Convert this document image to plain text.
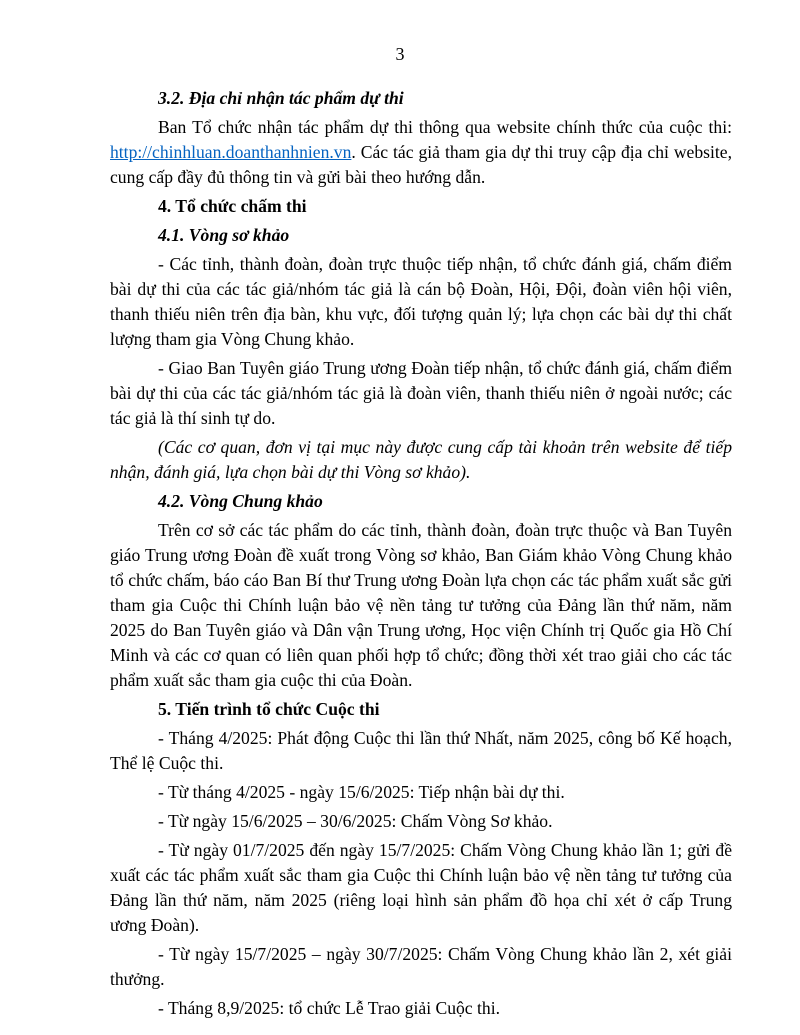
3

3.2. Địa chỉ nhận tác phẩm dự thi

Ban Tổ chức nhận tác phẩm dự thi thông qua website chính thức của cuộc thi: http://chinhluan.doanthanhnien.vn. Các tác giả tham gia dự thi truy cập địa chỉ website, cung cấp đầy đủ thông tin và gửi bài theo hướng dẫn.

4. Tổ chức chấm thi

4.1. Vòng sơ khảo

- Các tỉnh, thành đoàn, đoàn trực thuộc tiếp nhận, tổ chức đánh giá, chấm điểm bài dự thi của các tác giả/nhóm tác giả là cán bộ Đoàn, Hội, Đội, đoàn viên hội viên, thanh thiếu niên trên địa bàn, khu vực, đối tượng quản lý; lựa chọn các bài dự thi chất lượng tham gia Vòng Chung khảo.

- Giao Ban Tuyên giáo Trung ương Đoàn tiếp nhận, tổ chức đánh giá, chấm điểm bài dự thi của các tác giả/nhóm tác giả là đoàn viên, thanh thiếu niên ở ngoài nước; các tác giả là thí sinh tự do.

(Các cơ quan, đơn vị tại mục này được cung cấp tài khoản trên website để tiếp nhận, đánh giá, lựa chọn bài dự thi Vòng sơ khảo).

4.2. Vòng Chung khảo

Trên cơ sở các tác phẩm do các tỉnh, thành đoàn, đoàn trực thuộc và Ban Tuyên giáo Trung ương Đoàn đề xuất trong Vòng sơ khảo, Ban Giám khảo Vòng Chung khảo tổ chức chấm, báo cáo Ban Bí thư Trung ương Đoàn lựa chọn các tác phẩm xuất sắc gửi tham gia Cuộc thi Chính luận bảo vệ nền tảng tư tưởng của Đảng lần thứ năm, năm 2025 do Ban Tuyên giáo và Dân vận Trung ương, Học viện Chính trị Quốc gia Hồ Chí Minh và các cơ quan có liên quan phối hợp tổ chức; đồng thời xét trao giải cho các tác phẩm xuất sắc tham gia cuộc thi của Đoàn.

5. Tiến trình tổ chức Cuộc thi

- Tháng 4/2025: Phát động Cuộc thi lần thứ Nhất, năm 2025, công bố Kế hoạch, Thể lệ Cuộc thi.

- Từ tháng 4/2025 - ngày 15/6/2025: Tiếp nhận bài dự thi.

- Từ ngày 15/6/2025 – 30/6/2025: Chấm Vòng Sơ khảo.

- Từ ngày 01/7/2025 đến ngày 15/7/2025: Chấm Vòng Chung khảo lần 1; gửi đề xuất các tác phẩm xuất sắc tham gia Cuộc thi Chính luận bảo vệ nền tảng tư tưởng của Đảng lần thứ năm, năm 2025 (riêng loại hình sản phẩm đồ họa chỉ xét ở cấp Trung ương Đoàn).

- Từ ngày 15/7/2025 – ngày 30/7/2025: Chấm Vòng Chung khảo lần 2, xét giải thưởng.

- Tháng 8,9/2025: tổ chức Lễ Trao giải Cuộc thi.
